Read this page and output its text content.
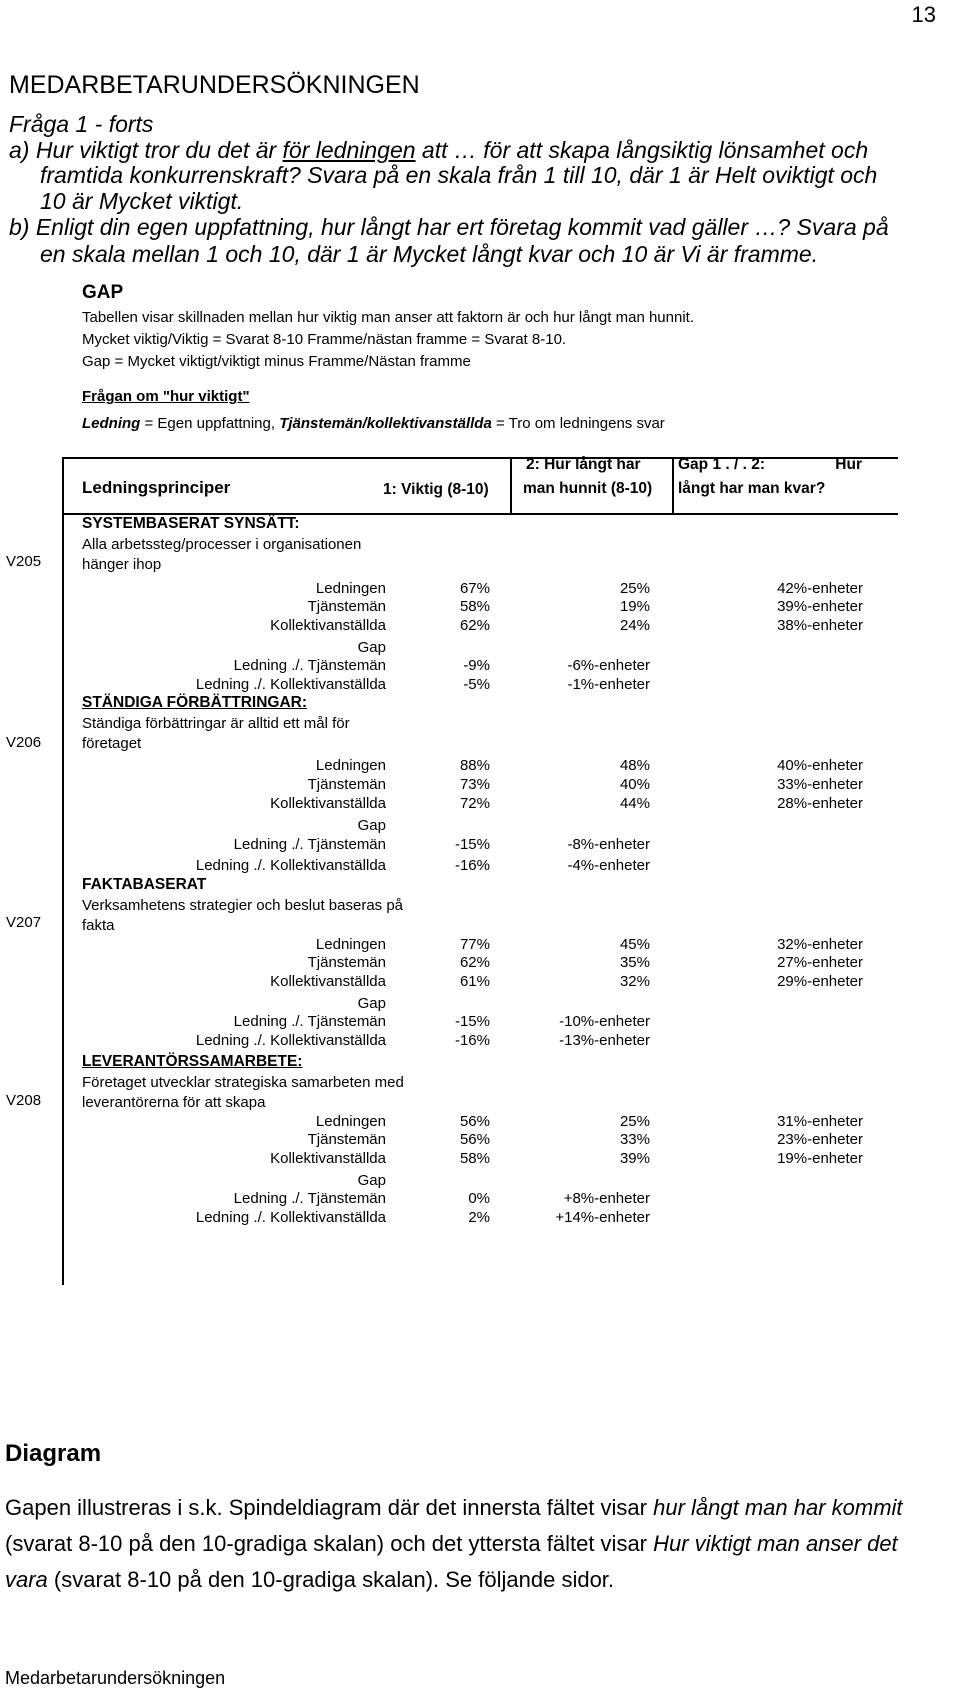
13
MEDARBETARUNDERSÖKNINGEN
Fråga 1 - forts
a) Hur viktigt tror du det är för ledningen att … för att skapa långsiktig lönsamhet och
framtida konkurrenskraft? Svara på en skala från 1 till 10, där 1 är Helt oviktigt och
10 är Mycket viktigt.
b) Enligt din egen uppfattning, hur långt har ert företag kommit vad gäller …? Svara på
en skala mellan 1 och 10, där 1 är Mycket långt kvar och 10 är Vi är framme.
GAP
Tabellen visar skillnaden mellan hur viktig man anser att faktorn är och hur långt man hunnit.
Mycket viktig/Viktig = Svarat 8-10 Framme/nästan framme = Svarat 8-10.
Gap = Mycket viktigt/viktigt minus Framme/Nästan framme
Frågan om "hur viktigt"
Ledning = Egen uppfattning, Tjänstemän/kollektivanställda = Tro om ledningens svar
Ledningsprinciper	1: Viktig (8-10)
2: Hur långt har
man hunnit (8-10)
Gap 1 . / . 2:	Hur
långt har man kvar?
V205
SYSTEMBASERAT SYNSÄTT:
Alla arbetssteg/processer i organisationen hänger ihop
Ledningen	67%	25%	42%-enheter
Tjänstemän	58%	19%	39%-enheter
Kollektivanställda	62%	24%	38%-enheter
Gap
Ledning ./. Tjänstemän	-9%	-6%-enheter
Ledning ./. Kollektivanställda	-5%	-1%-enheter
V206
STÄNDIGA FÖRBÄTTRINGAR:
Ständiga förbättringar är alltid ett mål för företaget
Ledningen	88%	48%	40%-enheter
Tjänstemän	73%	40%	33%-enheter
Kollektivanställda	72%	44%	28%-enheter
Gap
Ledning ./. Tjänstemän	-15%	-8%-enheter
Ledning ./. Kollektivanställda	-16%	-4%-enheter
V207
FAKTABASERAT
Verksamhetens strategier och beslut baseras på fakta
Ledningen	77%	45%	32%-enheter
Tjänstemän	62%	35%	27%-enheter
Kollektivanställda	61%	32%	29%-enheter
Gap
Ledning ./. Tjänstemän	-15%	-10%-enheter
Ledning ./. Kollektivanställda	-16%	-13%-enheter
V208
LEVERANTÖRSSAMARBETE:
Företaget utvecklar strategiska samarbeten med leverantörerna för att skapa
Ledningen	56%	25%	31%-enheter
Tjänstemän	56%	33%	23%-enheter
Kollektivanställda	58%	39%	19%-enheter
Gap
Ledning ./. Tjänstemän	0%	+8%-enheter
Ledning ./. Kollektivanställda	2%	+14%-enheter
Diagram
Gapen illustreras i s.k. Spindeldiagram där det innersta fältet visar hur långt man har kommit (svarat 8-10 på den 10-gradiga skalan) och det yttersta fältet visar Hur viktigt man anser det vara (svarat 8-10 på den 10-gradiga skalan). Se följande sidor.
Medarbetarundersökningen
